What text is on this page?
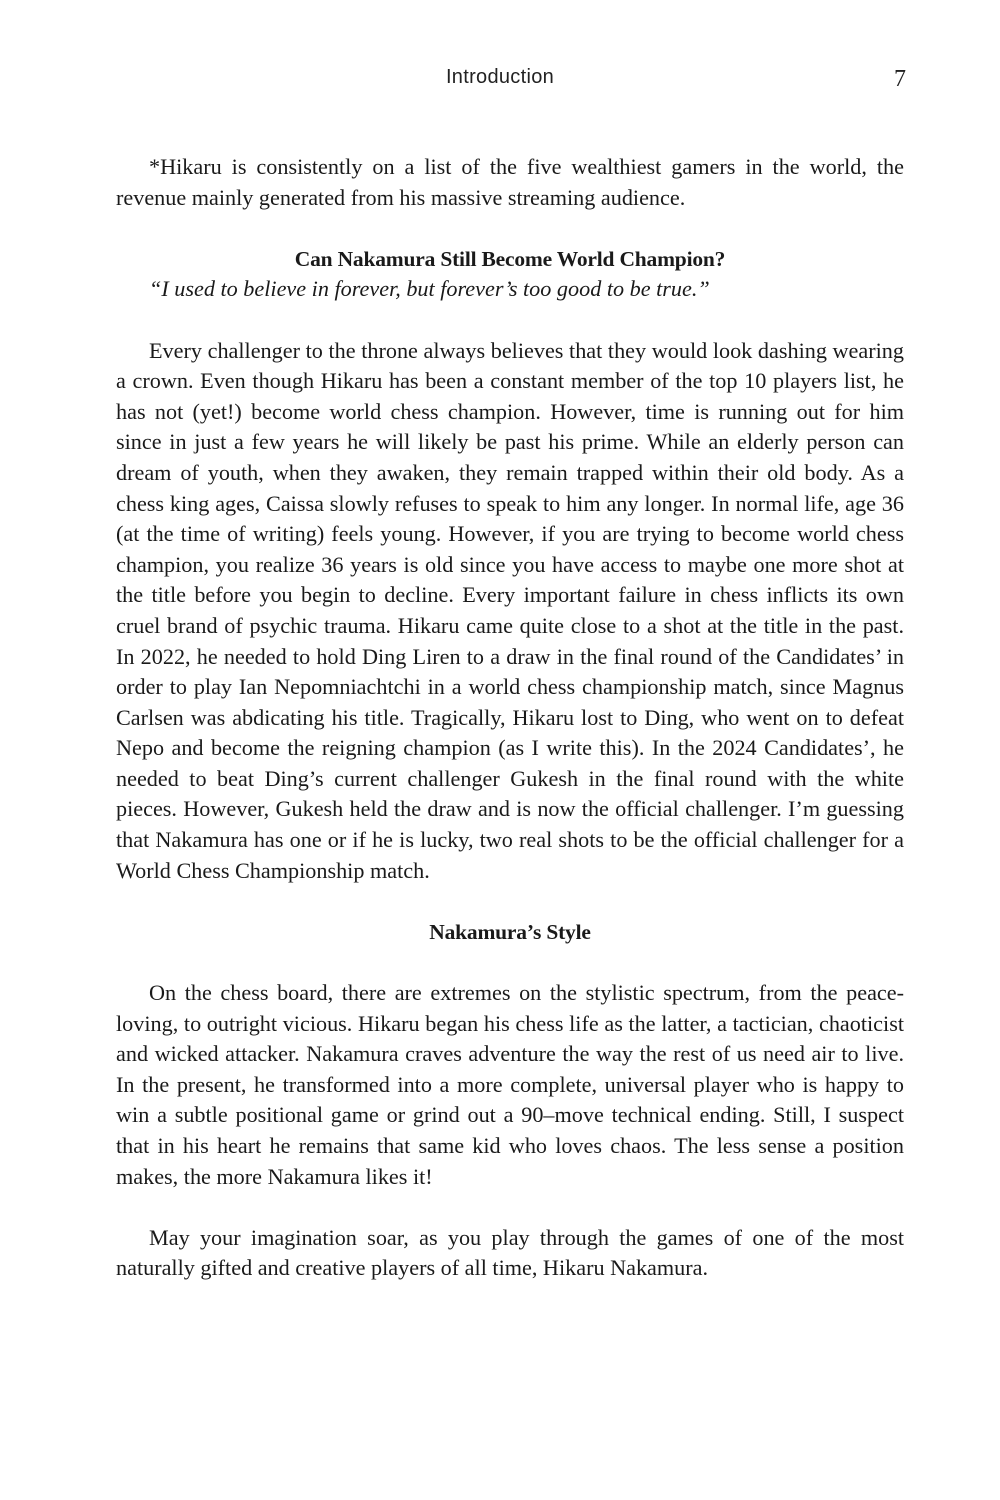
Introduction	7

*Hikaru is consistently on a list of the five wealthiest gamers in the world, the revenue mainly generated from his massive streaming audience.

Can Nakamura Still Become World Champion?

“I used to believe in forever, but forever’s too good to be true.”

Every challenger to the throne always believes that they would look dashing wearing a crown. Even though Hikaru has been a constant member of the top 10 players list, he has not (yet!) become world chess champion. However, time is running out for him since in just a few years he will likely be past his prime. While an elderly person can dream of youth, when they awaken, they remain trapped within their old body. As a chess king ages, Caissa slowly refuses to speak to him any longer. In normal life, age 36 (at the time of writing) feels young. However, if you are trying to become world chess champion, you realize 36 years is old since you have access to maybe one more shot at the title before you begin to decline. Every important failure in chess inflicts its own cruel brand of psychic trauma. Hikaru came quite close to a shot at the title in the past. In 2022, he needed to hold Ding Liren to a draw in the final round of the Candidates’ in order to play Ian Nepomniachtchi in a world chess championship match, since Magnus Carlsen was abdicating his title. Tragically, Hikaru lost to Ding, who went on to defeat Nepo and become the reigning champion (as I write this). In the 2024 Candidates’, he needed to beat Ding’s current challenger Gukesh in the final round with the white pieces. However, Gukesh held the draw and is now the official challenger. I’m guessing that Nakamura has one or if he is lucky, two real shots to be the official challenger for a World Chess Championship match.

Nakamura’s Style

On the chess board, there are extremes on the stylistic spectrum, from the peace-loving, to outright vicious. Hikaru began his chess life as the latter, a tactician, chaoticist and wicked attacker. Nakamura craves adventure the way the rest of us need air to live. In the present, he transformed into a more complete, universal player who is happy to win a subtle positional game or grind out a 90–move technical ending. Still, I suspect that in his heart he remains that same kid who loves chaos. The less sense a position makes, the more Nakamura likes it!

May your imagination soar, as you play through the games of one of the most naturally gifted and creative players of all time, Hikaru Nakamura.
